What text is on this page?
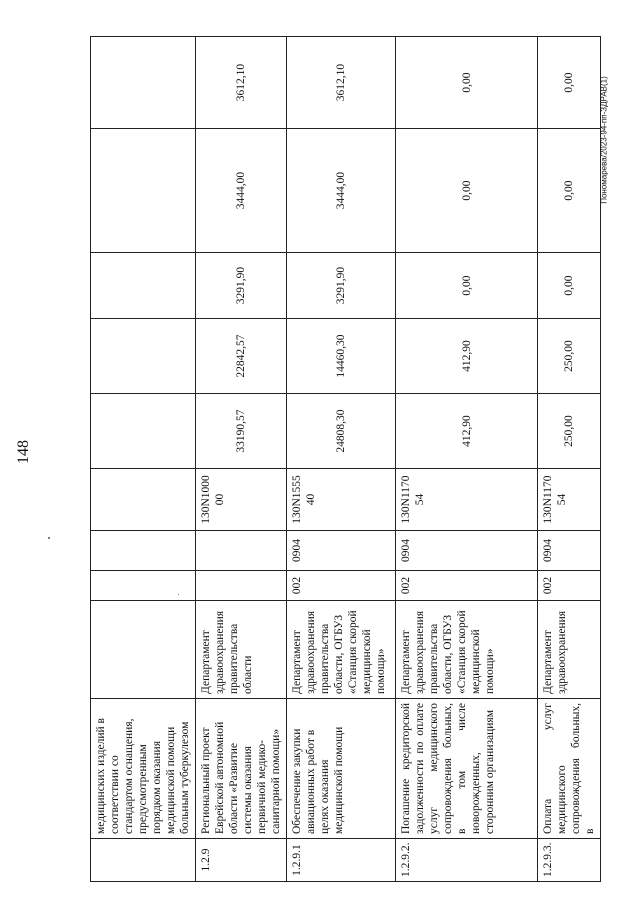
148
Пономарева/2023-94-пп-ЗДРАВ(1)
	медицинских изделий в соответствии со стандартом оснащения, предусмотренным порядком оказания медицинской помощи больным туберкулезом									
1.2.9	Региональный проект Еврейской автономной области «Развитие системы оказания первичной медико-санитарной помощи»	Департамент здравоохранения правительства области			130N1000 00	33190,57	22842,57	3291,90	3444,00	3612,10
1.2.9.1	Обеспечение закупки авиационных работ в целях оказания медицинской помощи	Департамент здравоохранения правительства области, ОГБУЗ «Станция скорой медицинской помощи»	002	0904	130N1555 40	24808,30	14460,30	3291,90	3444,00	3612,10
1.2.9.2.	Погашение кредиторской задолженности по оплате услуг медицинского сопровождения больных, в том числе новорожденных, сторонним организациям	Департамент здравоохранения правительства области, ОГБУЗ «Станция скорой медицинской помощи»	002	0904	130N1170 54	412,90	412,90	0,00	0,00	0,00
1.2.9.3.	Оплата услуг медицинского сопровождения больных, в	Департамент здравоохранения	002	0904	130N1170 54	250,00	250,00	0,00	0,00	0,00
